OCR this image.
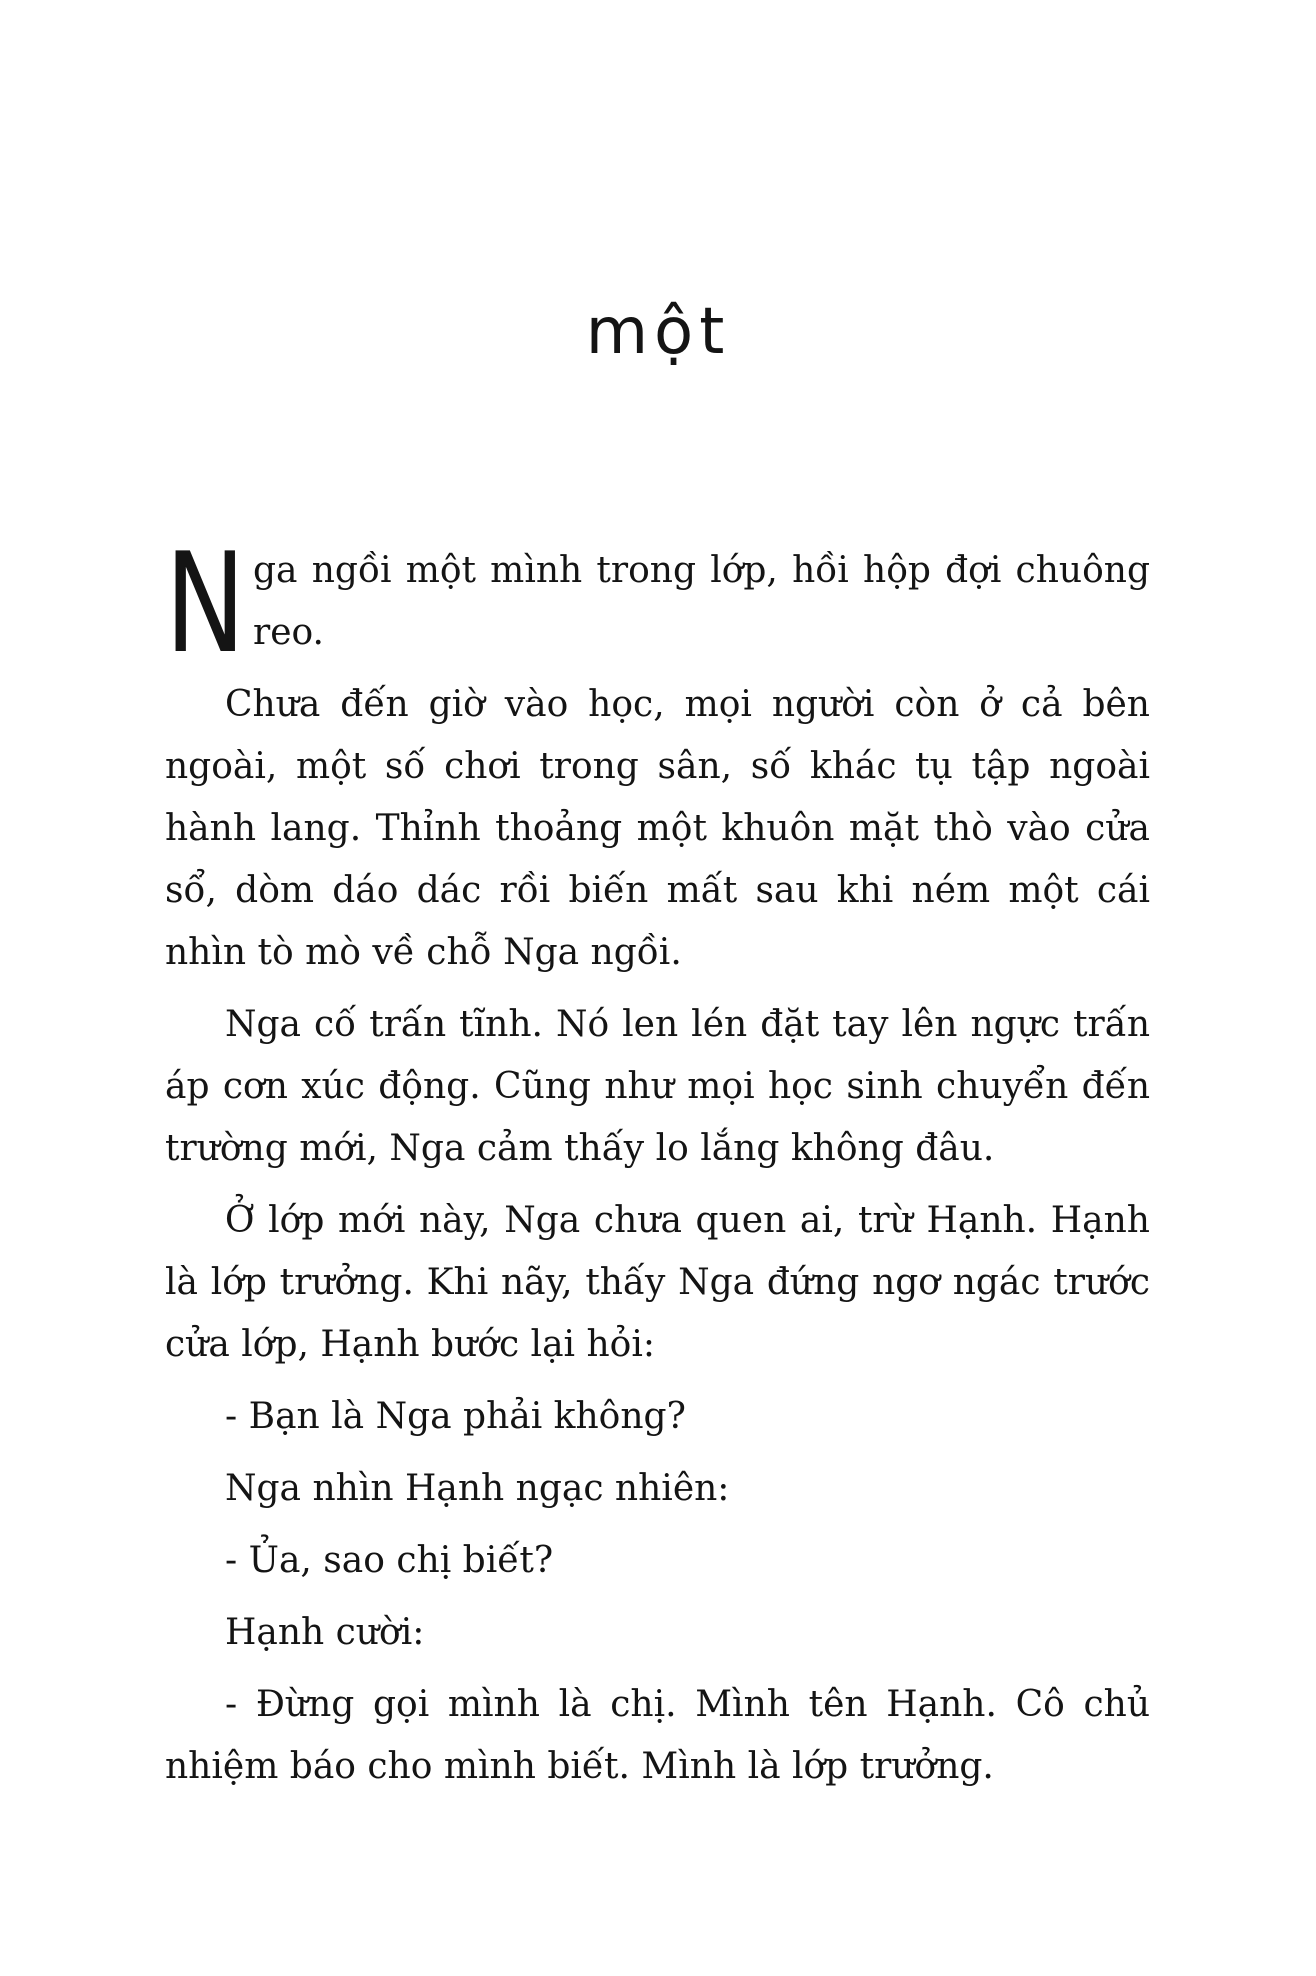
một

N ga ngồi một mình trong lớp, hồi hộp đợi chuông reo.

Chưa đến giờ vào học, mọi người còn ở cả bên ngoài, một số chơi trong sân, số khác tụ tập ngoài hành lang. Thỉnh thoảng một khuôn mặt thò vào cửa sổ, dòm dáo dác rồi biến mất sau khi ném một cái nhìn tò mò về chỗ Nga ngồi.

Nga cố trấn tĩnh. Nó len lén đặt tay lên ngực trấn áp cơn xúc động. Cũng như mọi học sinh chuyển đến trường mới, Nga cảm thấy lo lắng không đâu.

Ở lớp mới này, Nga chưa quen ai, trừ Hạnh. Hạnh là lớp trưởng. Khi nãy, thấy Nga đứng ngơ ngác trước cửa lớp, Hạnh bước lại hỏi:

- Bạn là Nga phải không?

Nga nhìn Hạnh ngạc nhiên:

- Ủa, sao chị biết?

Hạnh cười:

- Đừng gọi mình là chị. Mình tên Hạnh. Cô chủ nhiệm báo cho mình biết. Mình là lớp trưởng.
